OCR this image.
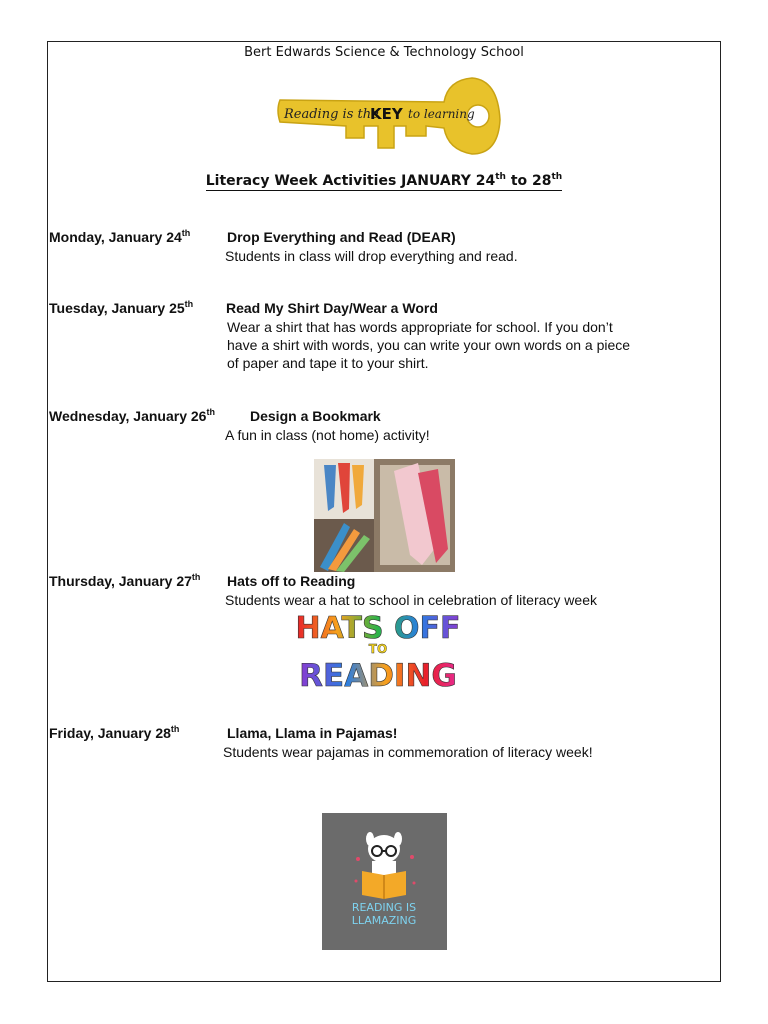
Bert Edwards Science & Technology School
Reading is the
KEY to learning
Literacy Week Activities JANUARY 24th to 28th
Monday, January 24th	Drop Everything and Read (DEAR)
Students in class will drop everything and read.
Tuesday, January 25th Read My Shirt Day/Wear a Word
Wear a shirt that has words appropriate for school. If you don’t
have a shirt with words, you can write your own words on a piece
of paper and tape it to your shirt.
Wednesday, January 26th	Design a Bookmark
A fun in class (not home) activity!
Thursday, January 27th Hats off to Reading
Students wear a hat to school in celebration of literacy week
HATS OFF
TO
READING
Friday, January 28th	Llama, Llama in Pajamas!
Students wear pajamas in commemoration of literacy week!
READING IS
LLAMAZING
